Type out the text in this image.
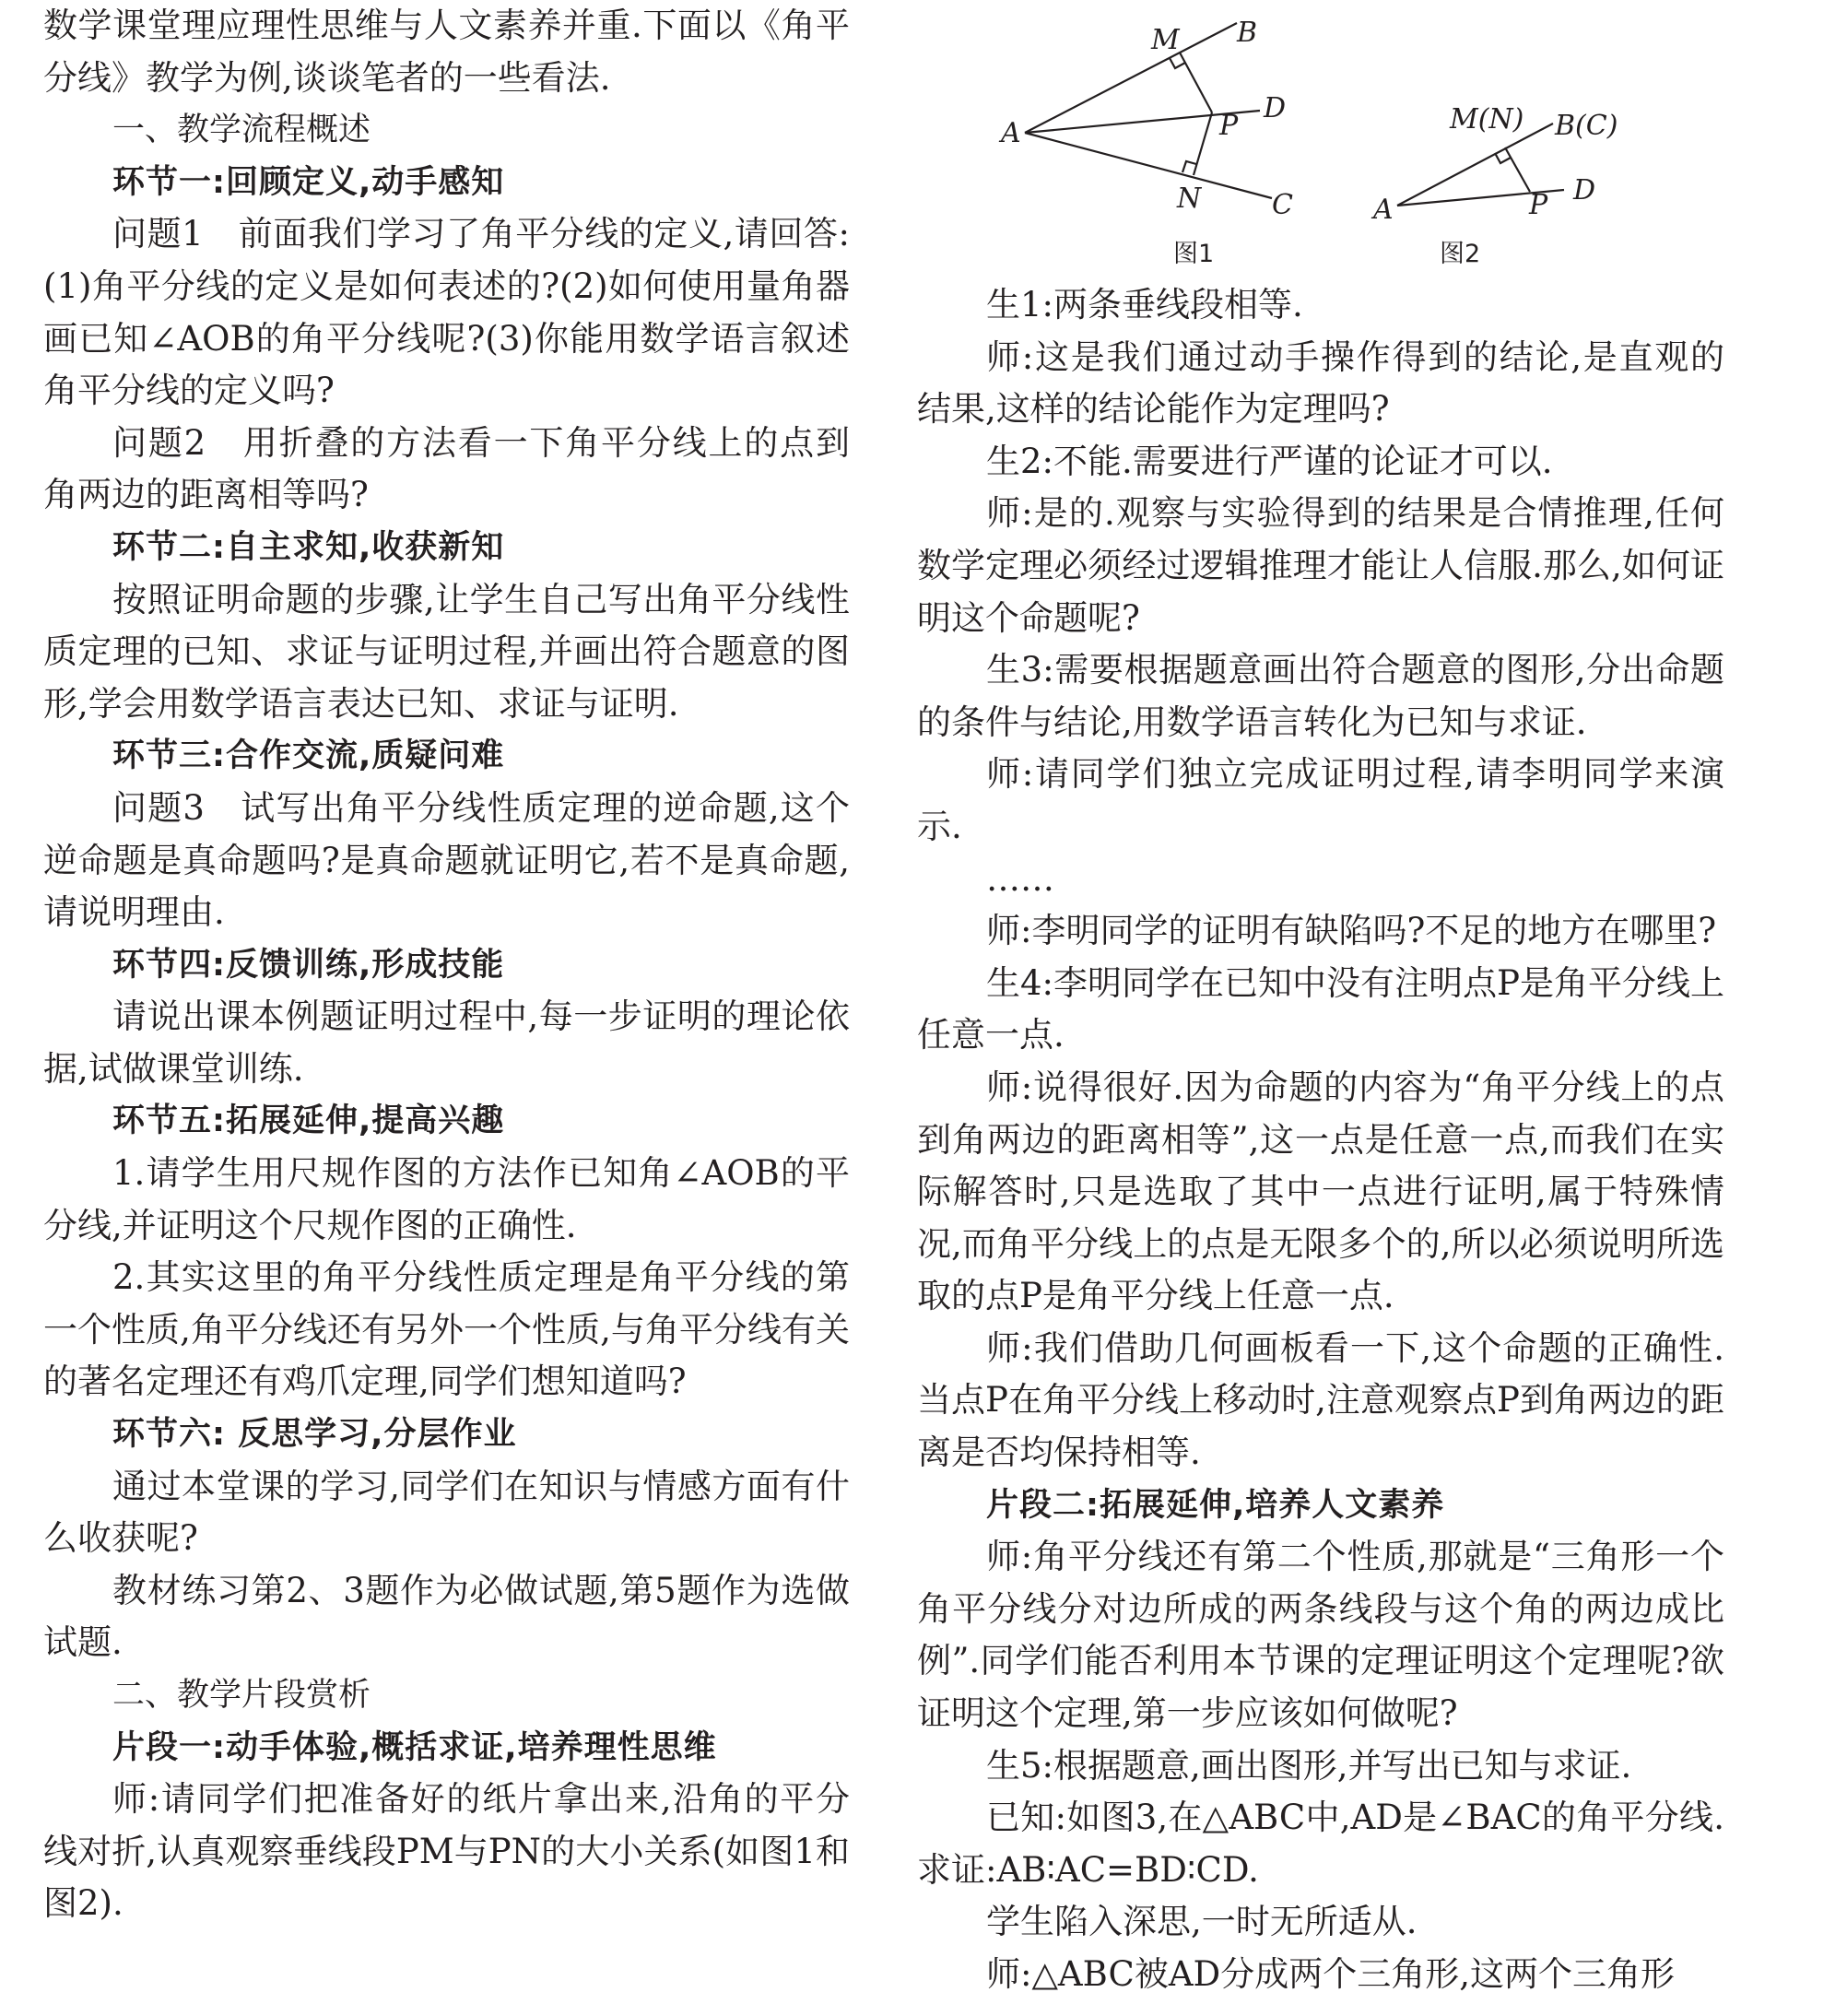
数学课堂理应理性思维与人文素养并重.下面以《角平分线》教学为例,谈谈笔者的一些看法.

一、教学流程概述

环节一:回顾定义,动手感知

问题1　前面我们学习了角平分线的定义,请回答:(1)角平分线的定义是如何表述的?(2)如何使用量角器画已知∠AOB的角平分线呢?(3)你能用数学语言叙述角平分线的定义吗?

问题2　用折叠的方法看一下角平分线上的点到角两边的距离相等吗?

环节二:自主求知,收获新知

按照证明命题的步骤,让学生自己写出角平分线性质定理的已知、求证与证明过程,并画出符合题意的图形,学会用数学语言表达已知、求证与证明.

环节三:合作交流,质疑问难

问题3　试写出角平分线性质定理的逆命题,这个逆命题是真命题吗?是真命题就证明它,若不是真命题,请说明理由.

环节四:反馈训练,形成技能

请说出课本例题证明过程中,每一步证明的理论依据,试做课堂训练.

环节五:拓展延伸,提高兴趣

1.请学生用尺规作图的方法作已知角∠AOB的平分线,并证明这个尺规作图的正确性.

2.其实这里的角平分线性质定理是角平分线的第一个性质,角平分线还有另外一个性质,与角平分线有关的著名定理还有鸡爪定理,同学们想知道吗?

环节六: 反思学习,分层作业

通过本堂课的学习,同学们在知识与情感方面有什么收获呢?

教材练习第2、3题作为必做试题,第5题作为选做试题.

二、教学片段赏析

片段一:动手体验,概括求证,培养理性思维

师:请同学们把准备好的纸片拿出来,沿角的平分线对折,认真观察垂线段PM与PN的大小关系(如图1和图2).

A
B
C
D
M
N
P
图1
A
M(N) B(C)
D
P
图2

生1:两条垂线段相等.

师:这是我们通过动手操作得到的结论,是直观的结果,这样的结论能作为定理吗?

生2:不能.需要进行严谨的论证才可以.

师:是的.观察与实验得到的结果是合情推理,任何数学定理必须经过逻辑推理才能让人信服.那么,如何证明这个命题呢?

生3:需要根据题意画出符合题意的图形,分出命题的条件与结论,用数学语言转化为已知与求证.

师:请同学们独立完成证明过程,请李明同学来演示.

……

师:李明同学的证明有缺陷吗?不足的地方在哪里?

生4:李明同学在已知中没有注明点P是角平分线上任意一点.

师:说得很好.因为命题的内容为“角平分线上的点到角两边的距离相等”,这一点是任意一点,而我们在实际解答时,只是选取了其中一点进行证明,属于特殊情况,而角平分线上的点是无限多个的,所以必须说明所选取的点P是角平分线上任意一点.

师:我们借助几何画板看一下,这个命题的正确性.当点P在角平分线上移动时,注意观察点P到角两边的距离是否均保持相等.

片段二:拓展延伸,培养人文素养

师:角平分线还有第二个性质,那就是“三角形一个角平分线分对边所成的两条线段与这个角的两边成比例”.同学们能否利用本节课的定理证明这个定理呢?欲证明这个定理,第一步应该如何做呢?

生5:根据题意,画出图形,并写出已知与求证.

已知:如图3,在△ABC中,AD是∠BAC的角平分线.求证:AB∶AC=BD∶CD.

学生陷入深思,一时无所适从.

师:△ABC被AD分成两个三角形,这两个三角形
